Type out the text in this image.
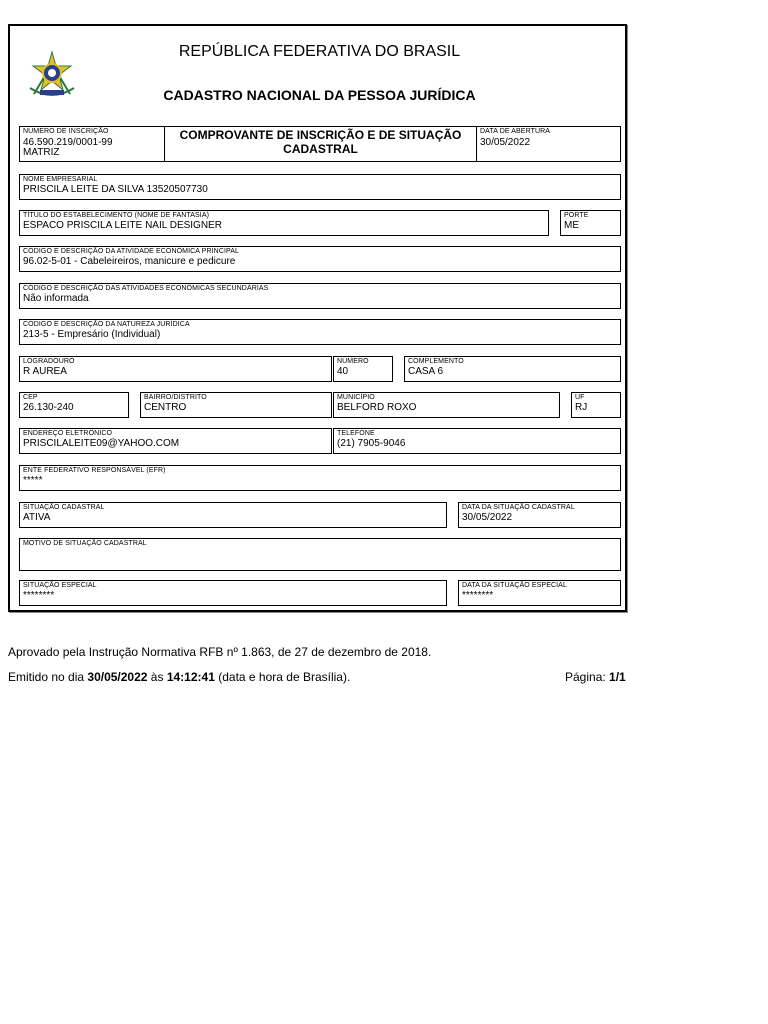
REPÚBLICA FEDERATIVA DO BRASIL
CADASTRO NACIONAL DA PESSOA JURÍDICA
NÚMERO DE INSCRIÇÃO
46.590.219/0001-99
MATRIZ
COMPROVANTE DE INSCRIÇÃO E DE SITUAÇÃO CADASTRAL
DATA DE ABERTURA
30/05/2022
NOME EMPRESARIAL
PRISCILA LEITE DA SILVA 13520507730
TÍTULO DO ESTABELECIMENTO (NOME DE FANTASIA)
ESPACO PRISCILA LEITE NAIL DESIGNER
PORTE
ME
CÓDIGO E DESCRIÇÃO DA ATIVIDADE ECONÔMICA PRINCIPAL
96.02-5-01 - Cabeleireiros, manicure e pedicure
CÓDIGO E DESCRIÇÃO DAS ATIVIDADES ECONÔMICAS SECUNDÁRIAS
Não informada
CÓDIGO E DESCRIÇÃO DA NATUREZA JURÍDICA
213-5 - Empresário (Individual)
LOGRADOURO
R AUREA
NÚMERO
40
COMPLEMENTO
CASA 6
CEP
26.130-240
BAIRRO/DISTRITO
CENTRO
MUNICÍPIO
BELFORD ROXO
UF
RJ
ENDEREÇO ELETRÔNICO
PRISCILALEITE09@YAHOO.COM
TELEFONE
(21) 7905-9046
ENTE FEDERATIVO RESPONSÁVEL (EFR)
*****
SITUAÇÃO CADASTRAL
ATIVA
DATA DA SITUAÇÃO CADASTRAL
30/05/2022
MOTIVO DE SITUAÇÃO CADASTRAL
SITUAÇÃO ESPECIAL
********
DATA DA SITUAÇÃO ESPECIAL
********
Aprovado pela Instrução Normativa RFB nº 1.863, de 27 de dezembro de 2018.
Emitido no dia 30/05/2022 às 14:12:41 (data e hora de Brasília).	Página: 1/1
